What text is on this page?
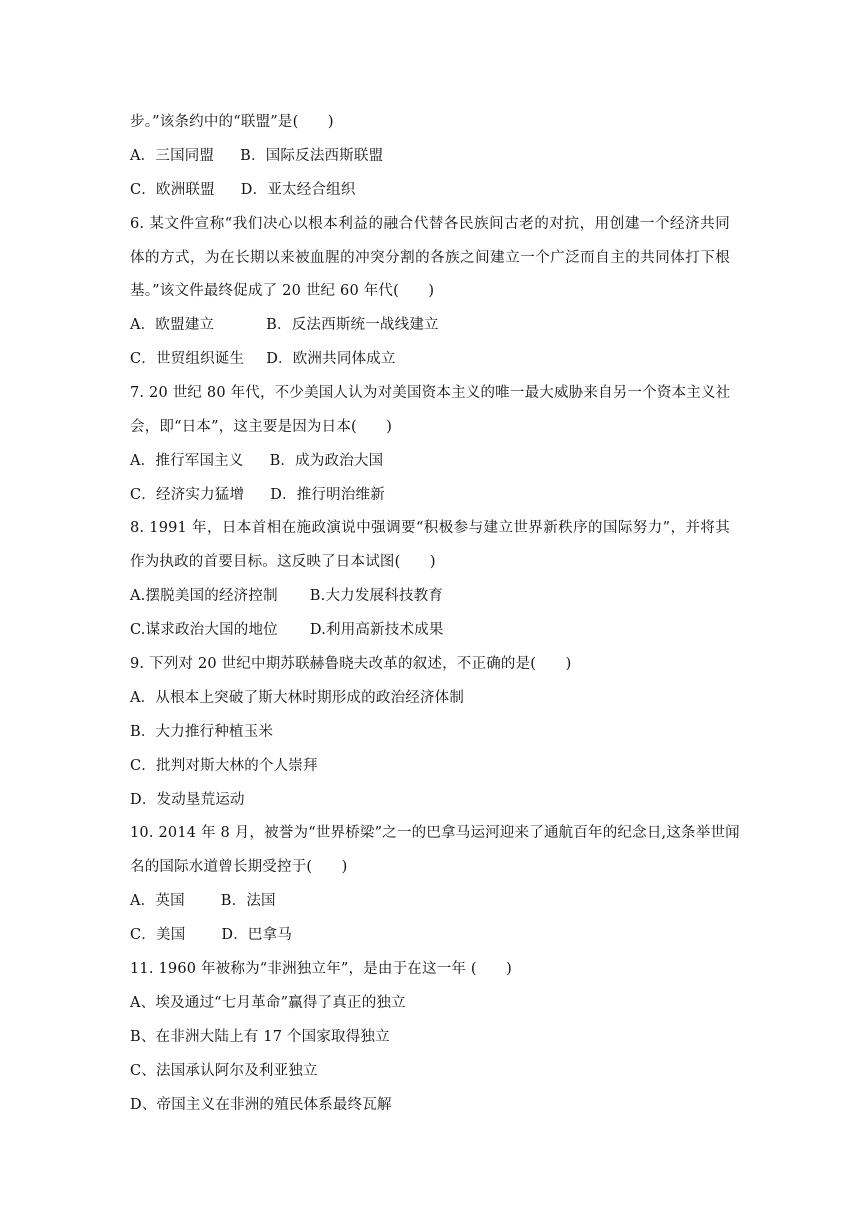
步。”该条约中的“联盟”是(　　)
A．三国同盟 B．国际反法西斯联盟
C．欧洲联盟 D．亚太经合组织
6. 某文件宣称“我们决心以根本利益的融合代替各民族间古老的对抗，用创建一个经济共同
体的方式，为在长期以来被血腥的冲突分割的各族之间建立一个广泛而自主的共同体打下根
基。”该文件最终促成了 20 世纪 60 年代(　　)
A．欧盟建立	B．反法西斯统一战线建立
C．世贸组织诞生 D．欧洲共同体成立
7. 20 世纪 80 年代，不少美国人认为对美国资本主义的唯一最大威胁来自另一个资本主义社
会，即“日本”，这主要是因为日本(　　)
A．推行军国主义 B．成为政治大国
C．经济实力猛增 D．推行明治维新
8. 1991 年，日本首相在施政演说中强调要“积极参与建立世界新秩序的国际努力”，并将其
作为执政的首要目标。这反映了日本试图(　　)
A.摆脱美国的经济控制 B.大力发展科技教育
C.谋求政治大国的地位 D.利用高新技术成果
9. 下列对 20 世纪中期苏联赫鲁晓夫改革的叙述，不正确的是(　　)
A．从根本上突破了斯大林时期形成的政治经济体制
B．大力推行种植玉米
C．批判对斯大林的个人崇拜
D．发动垦荒运动
10. 2014 年 8 月，被誉为“世界桥梁”之一的巴拿马运河迎来了通航百年的纪念日,这条举世闻
名的国际水道曾长期受控于(　　)
A．英国 B．法国
C．美国 D．巴拿马
11. 1960 年被称为“非洲独立年”，是由于在这一年 (　　)
A、埃及通过“七月革命”赢得了真正的独立
B、在非洲大陆上有 17 个国家取得独立
C、法国承认阿尔及利亚独立
D、帝国主义在非洲的殖民体系最终瓦解
